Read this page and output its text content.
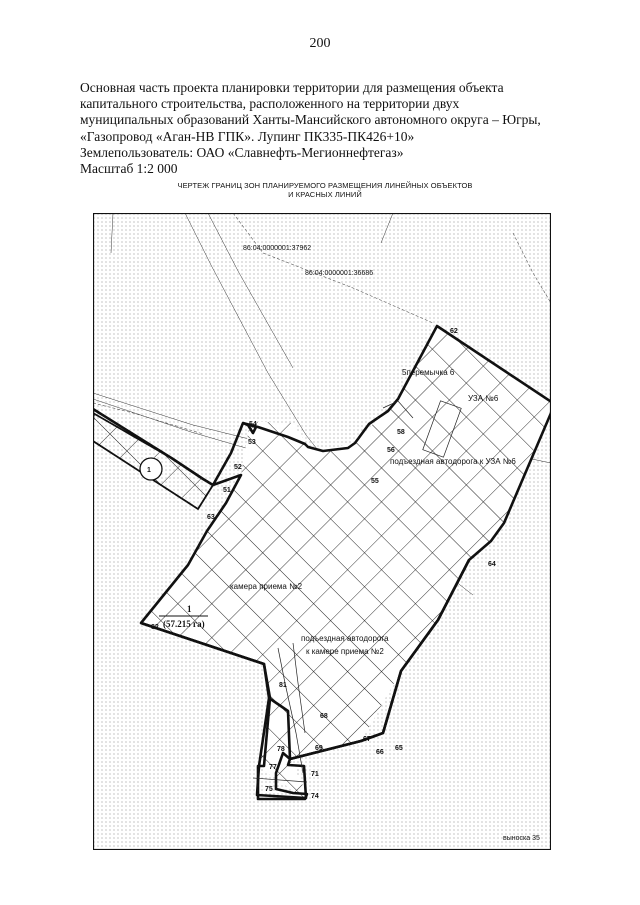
200
Основная часть проекта планировки территории для размещения объекта
капитального строительства, расположенного на территории двух
муниципальных образований Ханты-Мансийского автономного округа – Югры,
«Газопровод «Аган-НВ ГПК». Лупинг ПК335-ПК426+10»
Землепользователь: ОАО «Славнефть-Мегионнефтегаз»
Масштаб 1:2 000
ЧЕРТЕЖ ГРАНИЦ ЗОН ПЛАНИРУЕМОГО РАЗМЕЩЕНИЯ ЛИНЕЙНЫХ ОБЪЕКТОВ
И КРАСНЫХ ЛИНИЙ
1
86:04:0000001:37962
86:04:0000001:36686
5перемычка 6
УЗА №6
подъездная автодорога к УЗА №6
камера приема №2
подъездная автодорога
к камере приема №2
1
(57.215 га)
54
53
52
51
63
82
62
58
56
55
64
68
67
66
65
69
81
78
77
71
75
74
выноска 35
